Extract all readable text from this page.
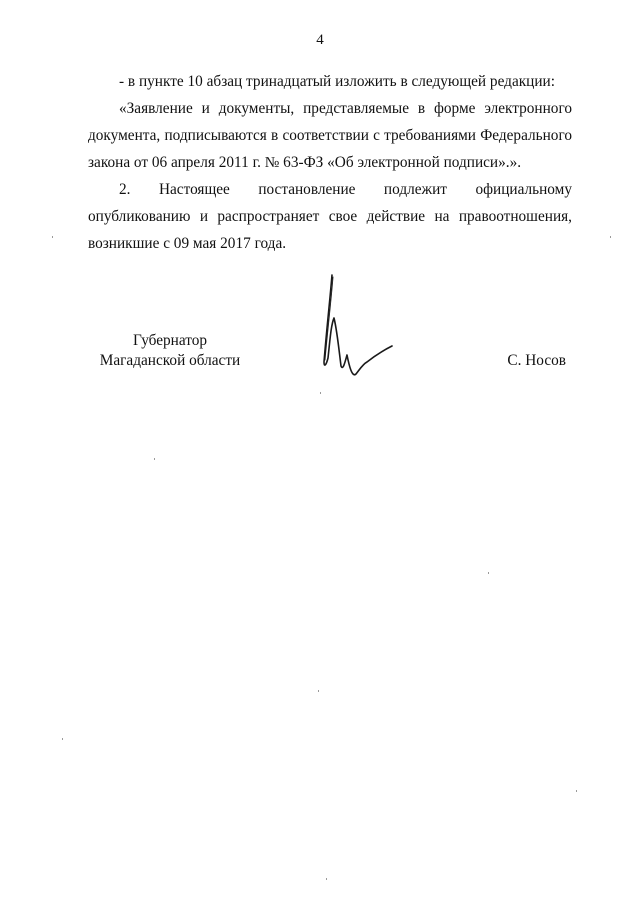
4

- в пункте 10 абзац тринадцатый изложить в следующей редакции:

«Заявление и документы, представляемые в форме электронного документа, подписываются в соответствии с требованиями Федерального закона от 06 апреля 2011 г. № 63-ФЗ «Об электронной подписи».».

2. Настоящее постановление подлежит официальному опубликованию и распространяет свое действие на правоотношения, возникшие с 09 мая 2017 года.

Губернатор
Магаданской области	С. Носов
